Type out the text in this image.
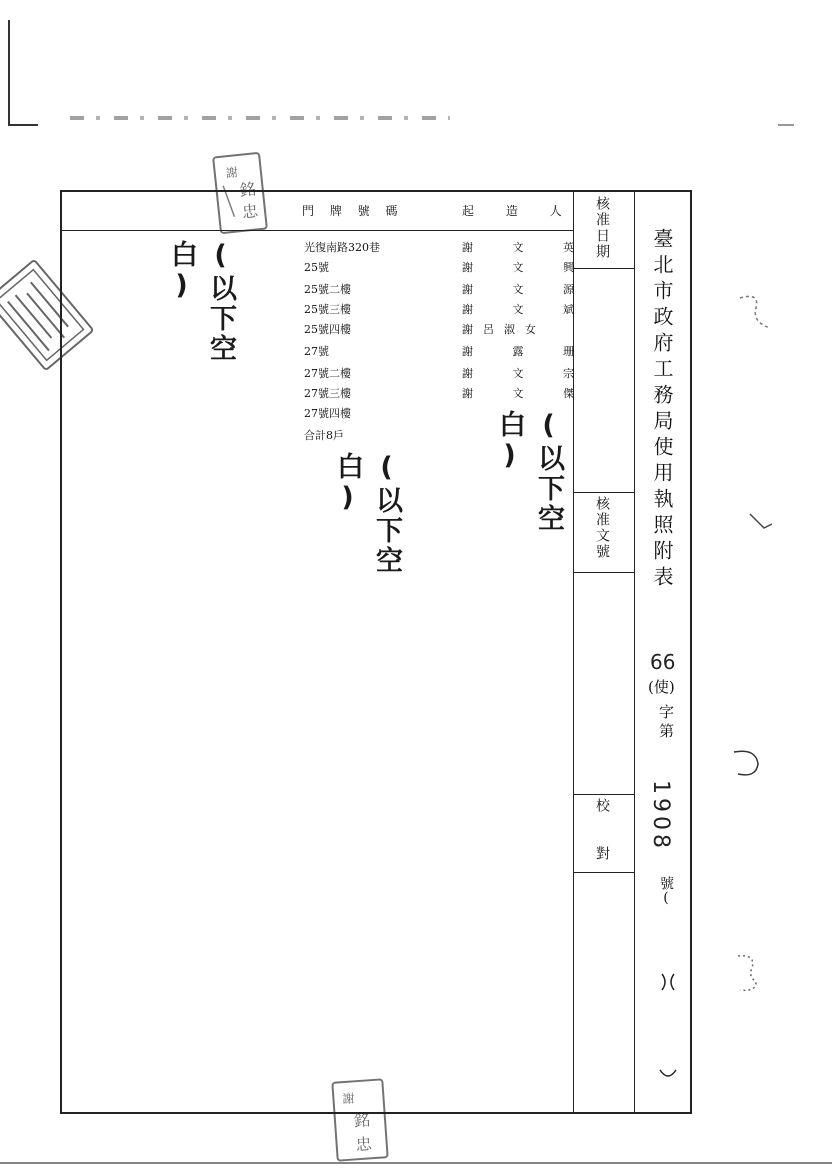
謝
銘
忠
謝
銘
忠
門 牌 號 碼	起 造 人
光復南路320巷
25號
25號二樓
25號三樓
25號四樓
27號
27號二樓
27號三樓
27號四樓
合計8戶
謝 文 英
謝 文 興
謝 文 源
謝 文 斌
謝呂淑女
謝 露 珊
謝 文 宗
謝 文 傑
(以下空白)
(以下空白)	(以下空白)
核准日期
核准文號
校對
臺北市政府工務局使用執照附表
66
(使)
字第
1908
號(
